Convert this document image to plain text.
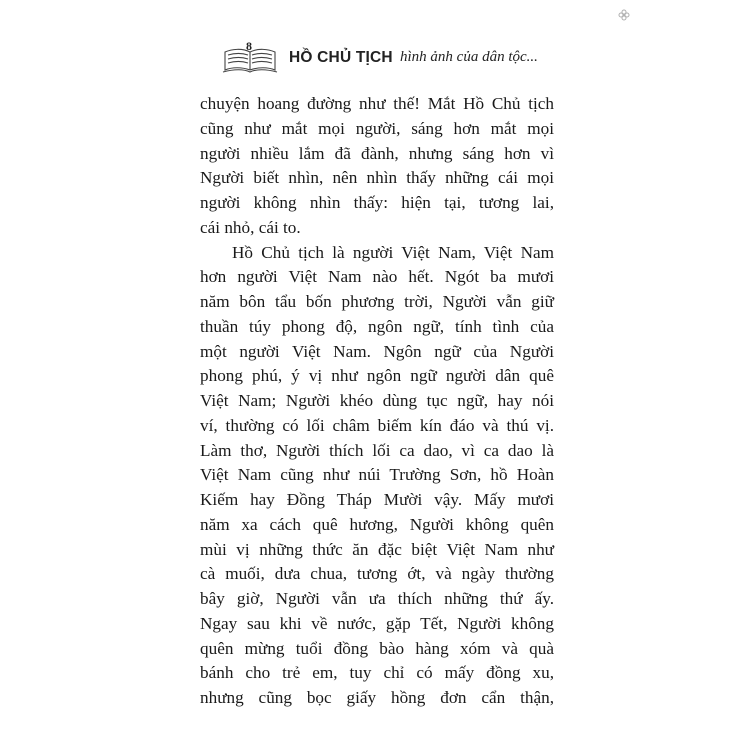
8
HỒ CHỦ TỊCH hình ảnh của dân tộc...
chuyện hoang đường như thế! Mắt Hồ Chủ tịch
cũng như mắt mọi người, sáng hơn mắt mọi
người nhiều lắm đã đành, nhưng sáng hơn vì
Người biết nhìn, nên nhìn thấy những cái mọi
người không nhìn thấy: hiện tại, tương lai,
cái nhỏ, cái to.
Hồ Chủ tịch là người Việt Nam, Việt Nam
hơn người Việt Nam nào hết. Ngót ba mươi
năm bôn tẩu bốn phương trời, Người vẫn giữ
thuần túy phong độ, ngôn ngữ, tính tình của
một người Việt Nam. Ngôn ngữ của Người
phong phú, ý vị như ngôn ngữ người dân quê
Việt Nam; Người khéo dùng tục ngữ, hay nói
ví, thường có lối châm biếm kín đáo và thú vị.
Làm thơ, Người thích lối ca dao, vì ca dao là
Việt Nam cũng như núi Trường Sơn, hồ Hoàn
Kiếm hay Đồng Tháp Mười vậy. Mấy mươi
năm xa cách quê hương, Người không quên
mùi vị những thức ăn đặc biệt Việt Nam như
cà muối, dưa chua, tương ớt, và ngày thường
bây giờ, Người vẫn ưa thích những thứ ấy.
Ngay sau khi về nước, gặp Tết, Người không
quên mừng tuổi đồng bào hàng xóm và quà
bánh cho trẻ em, tuy chỉ có mấy đồng xu,
nhưng cũng bọc giấy hồng đơn cẩn thận,
